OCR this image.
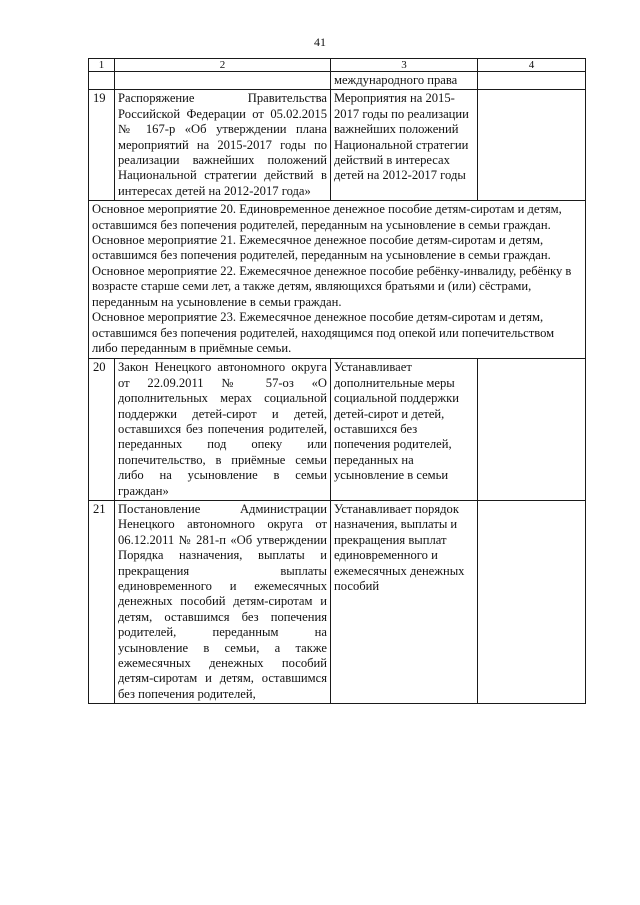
41
1	2	3	4
		международного права	
19	Распоряжение Правительства Российской Федерации от 05.02.2015 № 167-р «Об утверждении плана мероприятий на 2015-2017 годы по реализации важнейших положений Национальной стратегии действий в интересах детей на 2012-2017 года»	Мероприятия на 2015-2017 годы по реализации важнейших положений Национальной стратегии действий в интересах детей на 2012-2017 годы	

Основное мероприятие 20. Единовременное денежное пособие детям-сиротам и детям, оставшимся без попечения родителей, переданным на усыновление в семьи граждан.

Основное мероприятие 21. Ежемесячное денежное пособие детям-сиротам и детям, оставшимся без попечения родителей, переданным на усыновление в семьи граждан.

Основное мероприятие 22. Ежемесячное денежное пособие ребёнку-инвалиду, ребёнку в возрасте старше семи лет, а также детям, являющихся братьями и (или) сёстрами, переданным на усыновление в семьи граждан.

Основное мероприятие 23. Ежемесячное денежное пособие детям-сиротам и детям, оставшимся без попечения родителей, находящимся под опекой или попечительством либо переданным в приёмные семьи.			

20	Закон Ненецкого автономного округа от 22.09.2011 № 57-оз «О дополнительных мерах социальной поддержки детей-сирот и детей, оставшихся без попечения родителей, переданных под опеку или попечительство, в приёмные семьи либо на усыновление в семьи граждан»	Устанавливает дополнительные меры социальной поддержки детей-сирот и детей, оставшихся без попечения родителей, переданных на усыновление в семьи	
21	Постановление Администрации Ненецкого автономного округа от 06.12.2011 № 281-п «Об утверждении Порядка назначения, выплаты и прекращения выплаты единовременного и ежемесячных денежных пособий детям-сиротам и детям, оставшимся без попечения родителей, переданным на усыновление в семьи, а также ежемесячных денежных пособий детям-сиротам и детям, оставшимся без попечения родителей,	Устанавливает порядок назначения, выплаты и прекращения выплат единовременного и ежемесячных денежных пособий	
